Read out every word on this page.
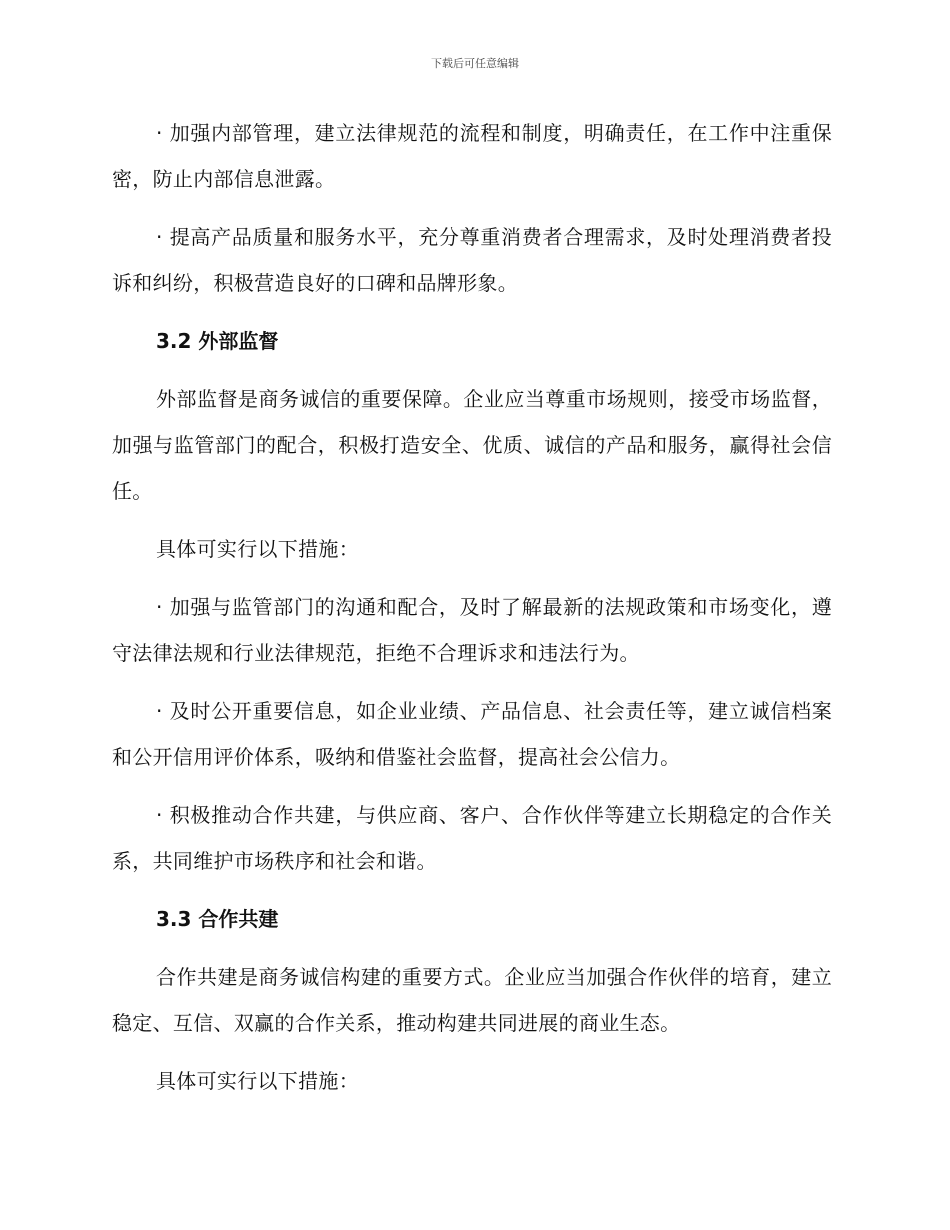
下载后可任意编辑

· 加强内部管理，建立法律规范的流程和制度，明确责任，在工作中注重保密，防止内部信息泄露。

· 提高产品质量和服务水平，充分尊重消费者合理需求，及时处理消费者投诉和纠纷，积极营造良好的口碑和品牌形象。

3.2 外部监督

外部监督是商务诚信的重要保障。企业应当尊重市场规则，接受市场监督，加强与监管部门的配合，积极打造安全、优质、诚信的产品和服务，赢得社会信任。

具体可实行以下措施：

· 加强与监管部门的沟通和配合，及时了解最新的法规政策和市场变化，遵守法律法规和行业法律规范，拒绝不合理诉求和违法行为。

· 及时公开重要信息，如企业业绩、产品信息、社会责任等，建立诚信档案和公开信用评价体系，吸纳和借鉴社会监督，提高社会公信力。

· 积极推动合作共建，与供应商、客户、合作伙伴等建立长期稳定的合作关系，共同维护市场秩序和社会和谐。

3.3 合作共建

合作共建是商务诚信构建的重要方式。企业应当加强合作伙伴的培育，建立稳定、互信、双赢的合作关系，推动构建共同进展的商业生态。

具体可实行以下措施：
